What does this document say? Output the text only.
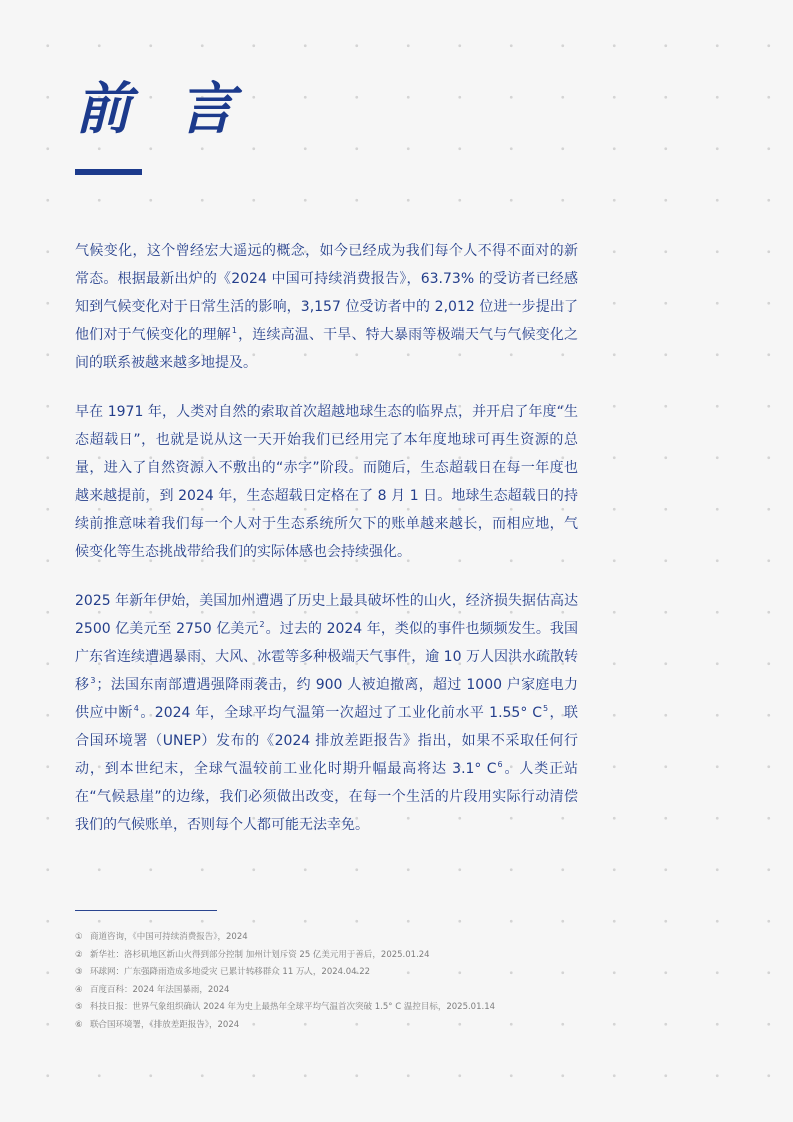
前 言

气候变化，这个曾经宏大遥远的概念，如今已经成为我们每个人不得不面对的新常态。根据最新出炉的《2024 中国可持续消费报告》，63.73% 的受访者已经感知到气候变化对于日常生活的影响，3,157 位受访者中的 2,012 位进一步提出了他们对于气候变化的理解$^1$，连续高温、干旱、特大暴雨等极端天气与气候变化之间的联系被越来越多地提及。

早在 1971 年，人类对自然的索取首次超越地球生态的临界点，并开启了年度“生态超载日”，也就是说从这一天开始我们已经用完了本年度地球可再生资源的总量，进入了自然资源入不敷出的“赤字”阶段。而随后，生态超载日在每一年度也越来越提前，到 2024 年，生态超载日定格在了 8 月 1 日。地球生态超载日的持续前推意味着我们每一个人对于生态系统所欠下的账单越来越长，而相应地，气候变化等生态挑战带给我们的实际体感也会持续强化。

2025 年新年伊始，美国加州遭遇了历史上最具破坏性的山火，经济损失据估高达 2500 亿美元至 2750 亿美元$^2$。过去的 2024 年，类似的事件也频频发生。我国广东省连续遭遇暴雨、大风、冰雹等多种极端天气事件，逾 10 万人因洪水疏散转移$^3$；法国东南部遭遇强降雨袭击，约 900 人被迫撤离，超过 1000 户家庭电力供应中断$^4$。2024 年，全球平均气温第一次超过了工业化前水平 1.55° C$^5$，联合国环境署（UNEP）发布的《2024 排放差距报告》指出，如果不采取任何行动，到本世纪末，全球气温较前工业化时期升幅最高将达 3.1° C$^6$。人类正站在“气候悬崖”的边缘，我们必须做出改变，在每一个生活的片段用实际行动清偿我们的气候账单，否则每个人都可能无法幸免。

① 商道咨询，《中国可持续消费报告》，2024
② 新华社：洛杉矶地区新山火得到部分控制 加州计划斥资 25 亿美元用于善后，2025.01.24
③ 环球网：广东强降雨造成多地受灾 已累计转移群众 11 万人，2024.04.22
④ 百度百科：2024 年法国暴雨，2024
⑤ 科技日报：世界气象组织确认 2024 年为史上最热年全球平均气温首次突破 1.5° C 温控目标，2025.01.14
⑥ 联合国环境署，《排放差距报告》，2024
